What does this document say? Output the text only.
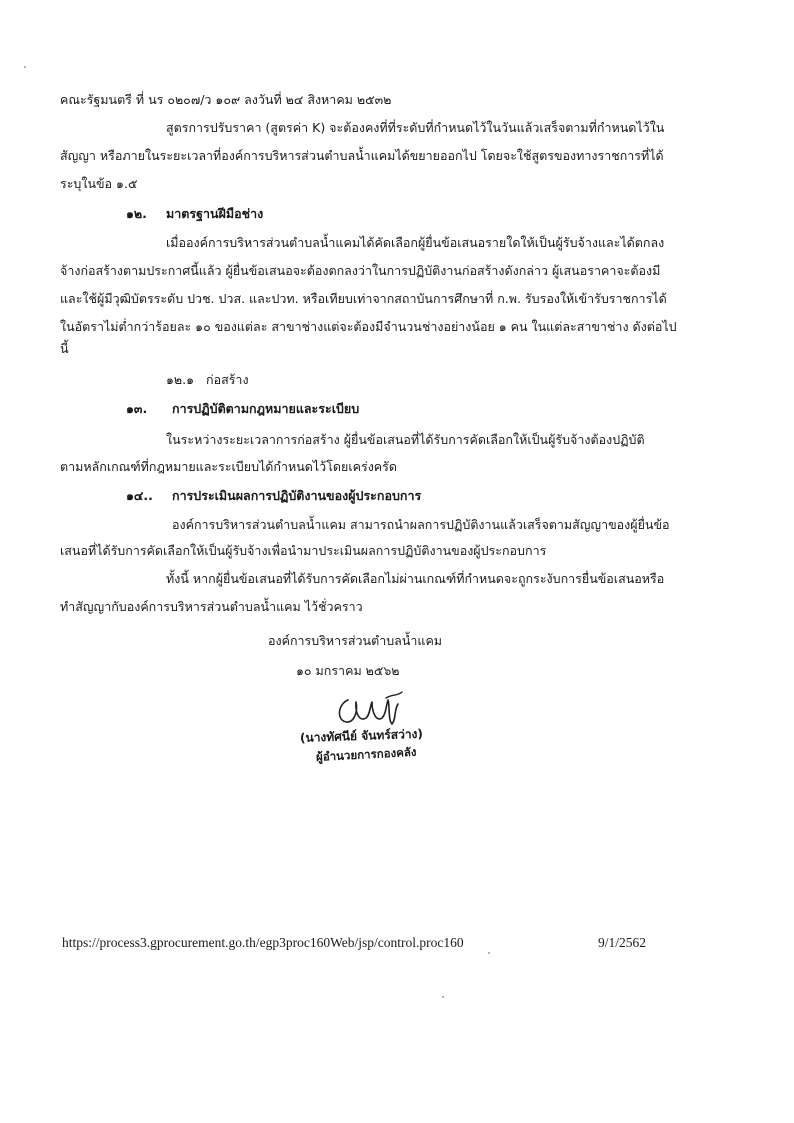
คณะรัฐมนตรี ที่ นร ๐๒๐๗/ว ๑๐๙ ลงวันที่ ๒๔ สิงหาคม ๒๕๓๒
สูตรการปรับราคา (สูตรค่า K) จะต้องคงที่ที่ระดับที่กำหนดไว้ในวันแล้วเสร็จตามที่กำหนดไว้ใน
สัญญา หรือภายในระยะเวลาที่องค์การบริหารส่วนตำบลน้ำแคมได้ขยายออกไป โดยจะใช้สูตรของทางราชการที่ได้
ระบุในข้อ ๑.๕
๑๒. มาตรฐานฝีมือช่าง
เมื่อองค์การบริหารส่วนตำบลน้ำแคมได้คัดเลือกผู้ยื่นข้อเสนอรายใดให้เป็นผู้รับจ้างและได้ตกลง
จ้างก่อสร้างตามประกาศนี้แล้ว ผู้ยื่นข้อเสนอจะต้องตกลงว่าในการปฏิบัติงานก่อสร้างดังกล่าว ผู้เสนอราคาจะต้องมี
และใช้ผู้มีวุฒิบัตรระดับ ปวช. ปวส. และปวท. หรือเทียบเท่าจากสถาบันการศึกษาที่ ก.พ. รับรองให้เข้ารับราชการได้
ในอัตราไม่ต่ำกว่าร้อยละ ๑๐ ของแต่ละ สาขาช่างแต่จะต้องมีจำนวนช่างอย่างน้อย ๑ คน ในแต่ละสาขาช่าง ดังต่อไป
นี้
๑๒.๑ ก่อสร้าง
๑๓. การปฏิบัติตามกฎหมายและระเบียบ
ในระหว่างระยะเวลาการก่อสร้าง ผู้ยื่นข้อเสนอที่ได้รับการคัดเลือกให้เป็นผู้รับจ้างต้องปฏิบัติ
ตามหลักเกณฑ์ที่กฎหมายและระเบียบได้กำหนดไว้โดยเคร่งครัด
๑๔.. การประเมินผลการปฏิบัติงานของผู้ประกอบการ
องค์การบริหารส่วนตำบลน้ำแคม สามารถนำผลการปฏิบัติงานแล้วเสร็จตามสัญญาของผู้ยื่นข้อ
เสนอที่ได้รับการคัดเลือกให้เป็นผู้รับจ้างเพื่อนำมาประเมินผลการปฏิบัติงานของผู้ประกอบการ
ทั้งนี้ หากผู้ยื่นข้อเสนอที่ได้รับการคัดเลือกไม่ผ่านเกณฑ์ที่กำหนดจะถูกระงับการยื่นข้อเสนอหรือ
ทำสัญญากับองค์การบริหารส่วนตำบลน้ำแคม ไว้ชั่วคราว
องค์การบริหารส่วนตำบลน้ำแคม
๑๐ มกราคม ๒๕๖๒
(นางทัศนีย์ จันทร์สว่าง)
ผู้อำนวยการกองคลัง
https://process3.gprocurement.go.th/egp3proc160Web/jsp/control.proc160	9/1/2562
